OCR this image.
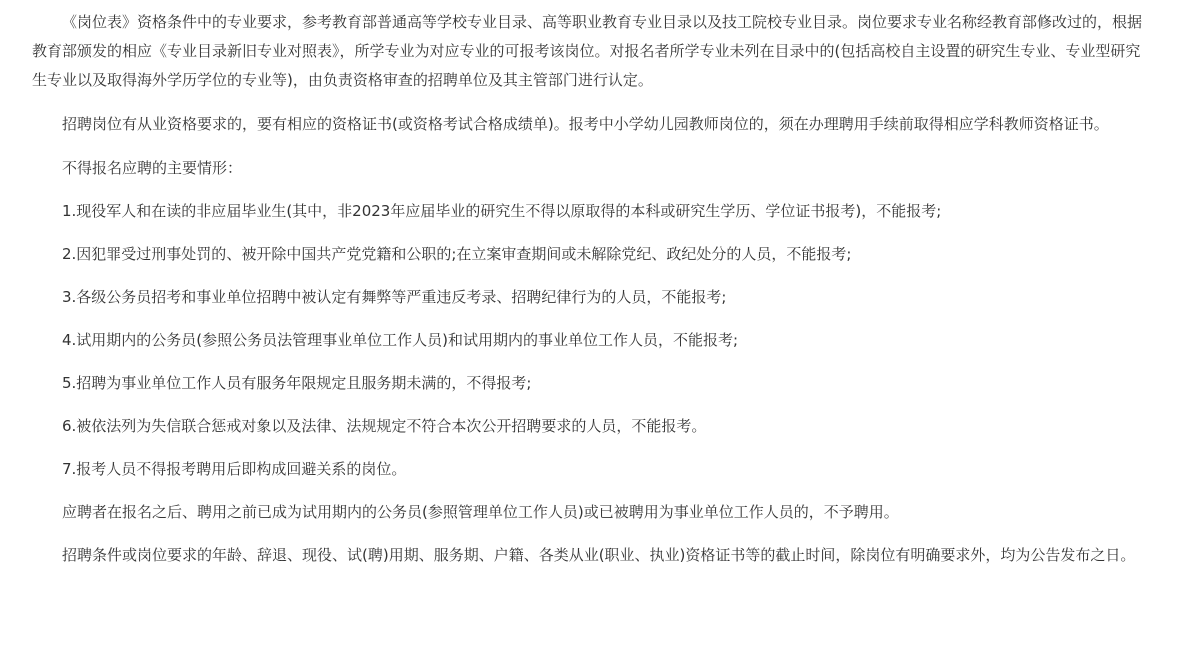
《岗位表》资格条件中的专业要求，参考教育部普通高等学校专业目录、高等职业教育专业目录以及技工院校专业目录。岗位要求专业名称经教育部修改过的，根据教育部颁发的相应《专业目录新旧专业对照表》，所学专业为对应专业的可报考该岗位。对报名者所学专业未列在目录中的(包括高校自主设置的研究生专业、专业型研究生专业以及取得海外学历学位的专业等)，由负责资格审查的招聘单位及其主管部门进行认定。

招聘岗位有从业资格要求的，要有相应的资格证书(或资格考试合格成绩单)。报考中小学幼儿园教师岗位的，须在办理聘用手续前取得相应学科教师资格证书。

不得报名应聘的主要情形：

1.现役军人和在读的非应届毕业生(其中，非2023年应届毕业的研究生不得以原取得的本科或研究生学历、学位证书报考)，不能报考;

2.因犯罪受过刑事处罚的、被开除中国共产党党籍和公职的;在立案审查期间或未解除党纪、政纪处分的人员，不能报考;

3.各级公务员招考和事业单位招聘中被认定有舞弊等严重违反考录、招聘纪律行为的人员，不能报考;

4.试用期内的公务员(参照公务员法管理事业单位工作人员)和试用期内的事业单位工作人员，不能报考;

5.招聘为事业单位工作人员有服务年限规定且服务期未满的，不得报考;

6.被依法列为失信联合惩戒对象以及法律、法规规定不符合本次公开招聘要求的人员，不能报考。

7.报考人员不得报考聘用后即构成回避关系的岗位。

应聘者在报名之后、聘用之前已成为试用期内的公务员(参照管理单位工作人员)或已被聘用为事业单位工作人员的，不予聘用。

招聘条件或岗位要求的年龄、辞退、现役、试(聘)用期、服务期、户籍、各类从业(职业、执业)资格证书等的截止时间，除岗位有明确要求外，均为公告发布之日。
